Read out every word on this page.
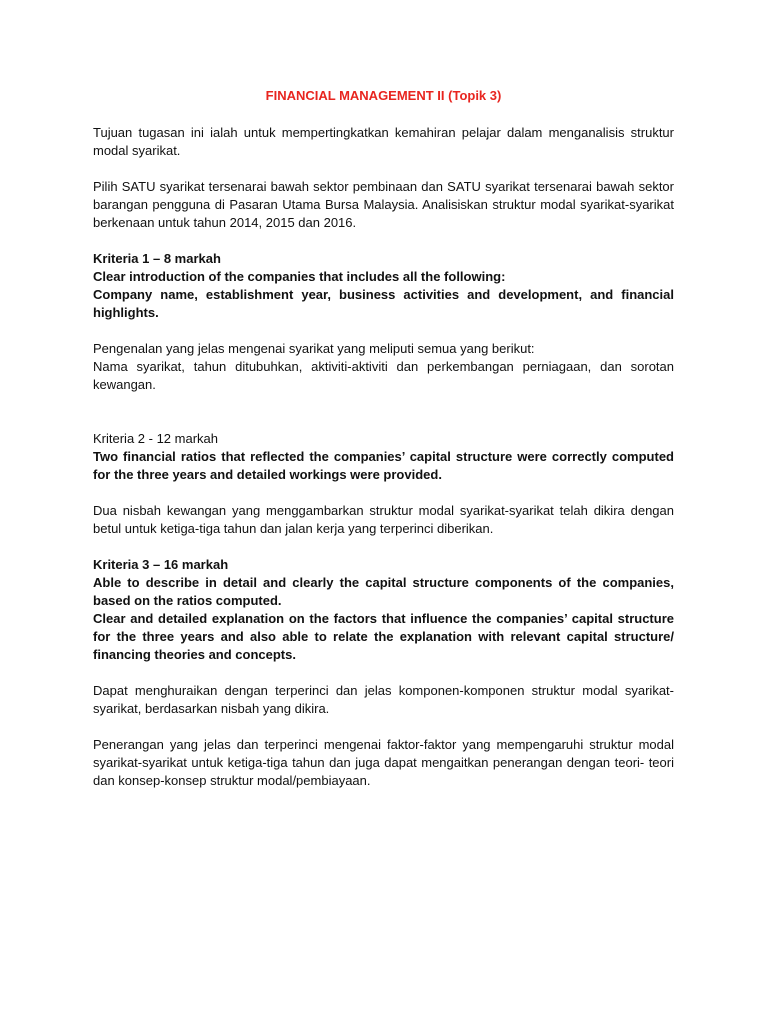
FINANCIAL MANAGEMENT II (Topik 3)

Tujuan tugasan ini ialah untuk mempertingkatkan kemahiran pelajar dalam menganalisis struktur modal syarikat.

Pilih SATU syarikat tersenarai bawah sektor pembinaan dan SATU syarikat tersenarai bawah sektor barangan pengguna di Pasaran Utama Bursa Malaysia. Analisiskan struktur modal syarikat-syarikat berkenaan untuk tahun 2014, 2015 dan 2016.

Kriteria 1 – 8 markah

Clear introduction of the companies that includes all the following:

Company name, establishment year, business activities and development, and financial highlights.

Pengenalan yang jelas mengenai syarikat yang meliputi semua yang berikut:

Nama syarikat, tahun ditubuhkan, aktiviti-aktiviti dan perkembangan perniagaan, dan sorotan kewangan.

Kriteria 2 - 12 markah

Two financial ratios that reflected the companies’ capital structure were correctly computed for the three years and detailed workings were provided.

Dua nisbah kewangan yang menggambarkan struktur modal syarikat-syarikat telah dikira dengan betul untuk ketiga-tiga tahun dan jalan kerja yang terperinci diberikan.

Kriteria 3 – 16 markah

Able to describe in detail and clearly the capital structure components of the companies, based on the ratios computed.

Clear and detailed explanation on the factors that influence the companies’ capital structure for the three years and also able to relate the explanation with relevant capital structure/ financing theories and concepts.

Dapat menghuraikan dengan terperinci dan jelas komponen-komponen struktur modal syarikat-syarikat, berdasarkan nisbah yang dikira.

Penerangan yang jelas dan terperinci mengenai faktor-faktor yang mempengaruhi struktur modal syarikat-syarikat untuk ketiga-tiga tahun dan juga dapat mengaitkan penerangan dengan teori- teori dan konsep-konsep struktur modal/pembiayaan.
